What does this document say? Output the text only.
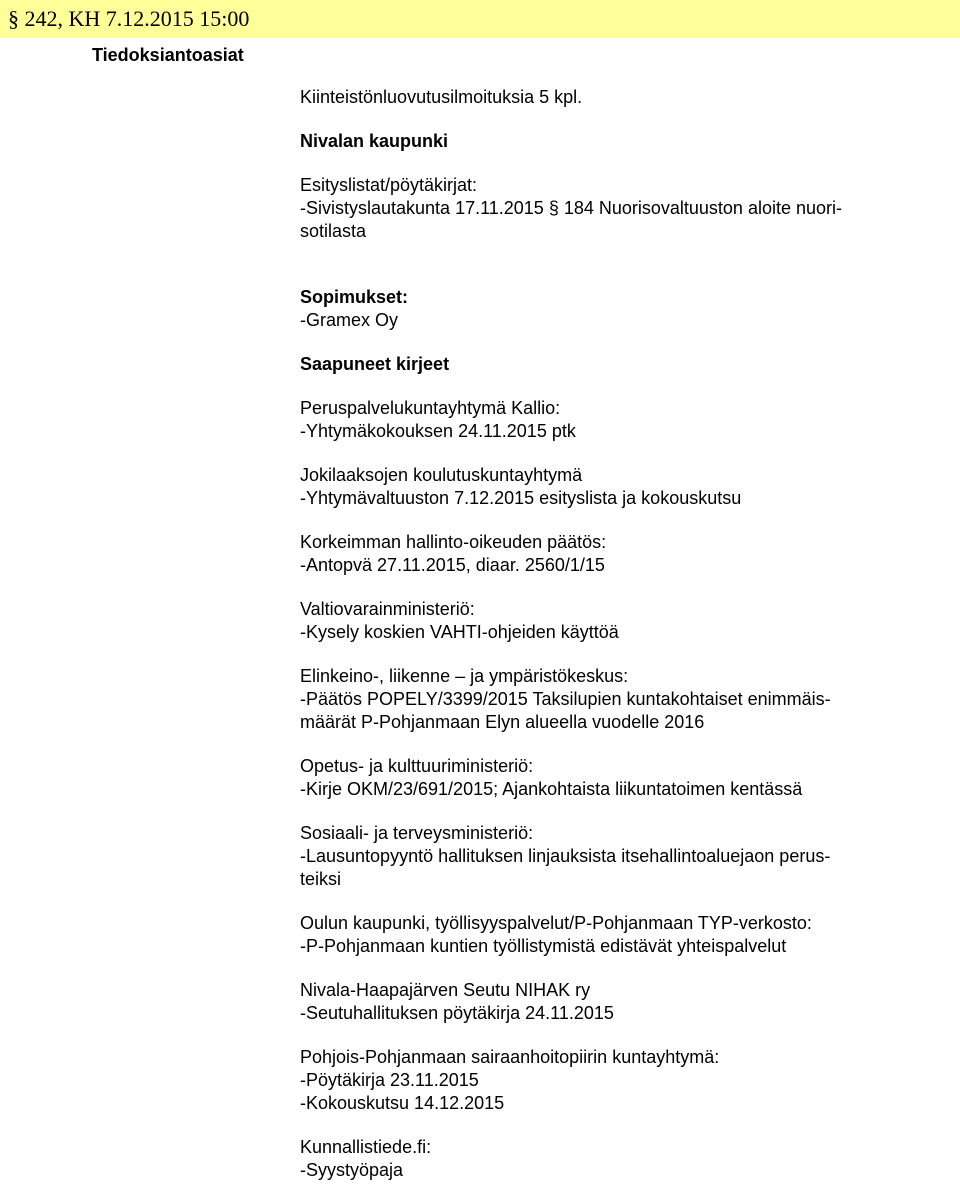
§ 242, KH 7.12.2015 15:00
Tiedoksiantoasiat

Kiinteistönluovutusilmoituksia 5 kpl.

Nivalan kaupunki

Esityslistat/pöytäkirjat:

-Sivistyslautakunta 17.11.2015 § 184 Nuorisovaltuuston aloite nuori-

sotilasta

Sopimukset:

-Gramex Oy

Saapuneet kirjeet

Peruspalvelukuntayhtymä Kallio:

-Yhtymäkokouksen 24.11.2015 ptk

Jokilaaksojen koulutuskuntayhtymä

-Yhtymävaltuuston 7.12.2015 esityslista ja kokouskutsu

Korkeimman hallinto-oikeuden päätös:

-Antopvä 27.11.2015, diaar. 2560/1/15

Valtiovarainministeriö:

-Kysely koskien VAHTI-ohjeiden käyttöä

Elinkeino-, liikenne – ja ympäristökeskus:

-Päätös POPELY/3399/2015 Taksilupien kuntakohtaiset enimmäis-

määrät P-Pohjanmaan Elyn alueella vuodelle 2016

Opetus- ja kulttuuriministeriö:

-Kirje OKM/23/691/2015; Ajankohtaista liikuntatoimen kentässä

Sosiaali- ja terveysministeriö:

-Lausuntopyyntö hallituksen linjauksista itsehallintoaluejaon perus-

teiksi

Oulun kaupunki, työllisyyspalvelut/P-Pohjanmaan TYP-verkosto:

-P-Pohjanmaan kuntien työllistymistä edistävät yhteispalvelut

Nivala-Haapajärven Seutu NIHAK ry

-Seutuhallituksen pöytäkirja 24.11.2015

Pohjois-Pohjanmaan sairaanhoitopiirin kuntayhtymä:

-Pöytäkirja 23.11.2015

-Kokouskutsu 14.12.2015

Kunnallistiede.fi:

-Syystyöpaja
